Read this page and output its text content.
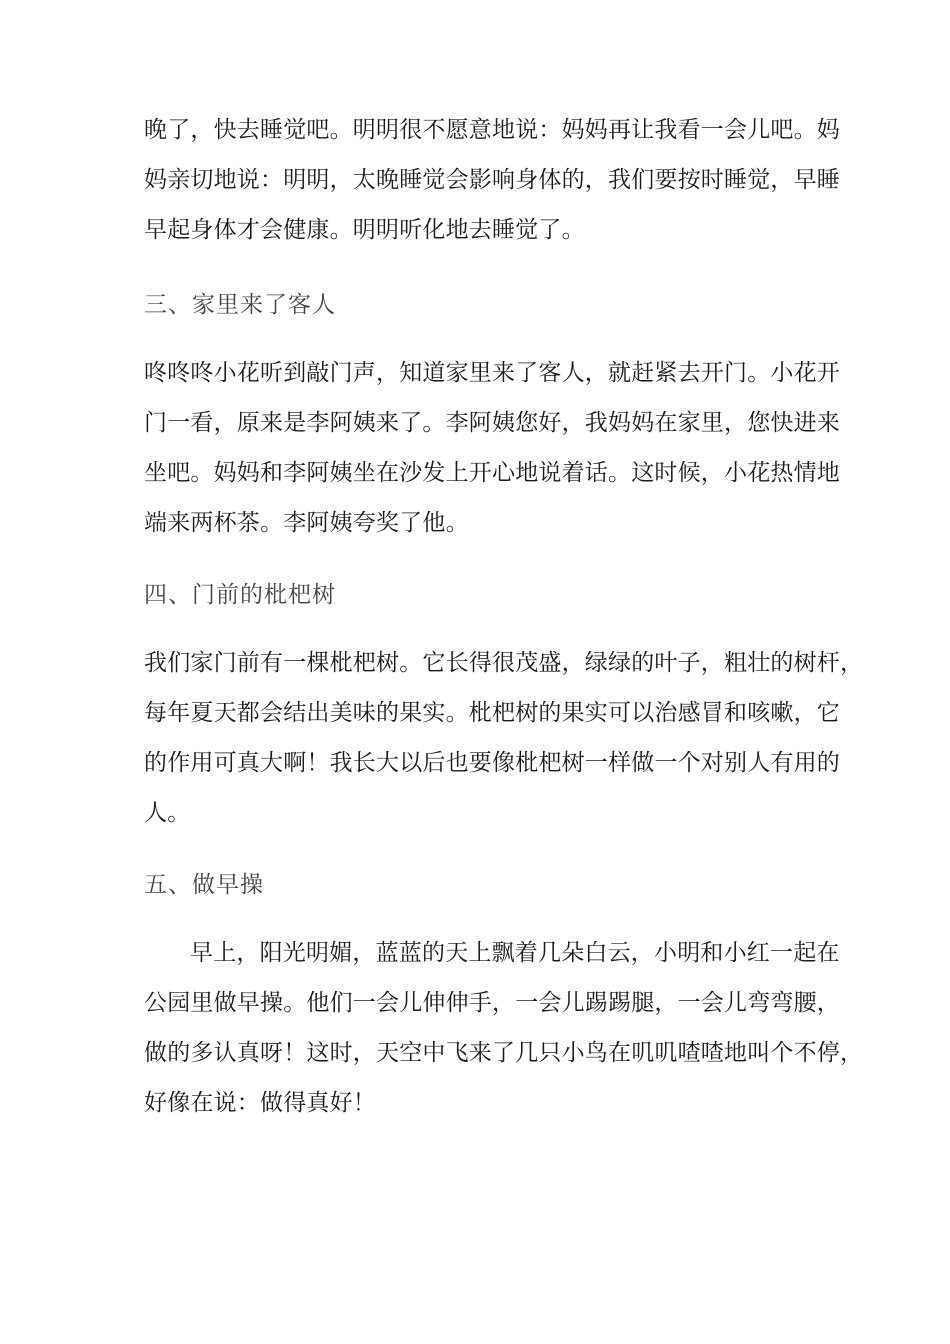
晚了，快去睡觉吧。明明很不愿意地说：妈妈再让我看一会儿吧。妈
妈亲切地说：明明，太晚睡觉会影响身体的，我们要按时睡觉，早睡
早起身体才会健康。明明听化地去睡觉了。
三、家里来了客人
咚咚咚小花听到敲门声，知道家里来了客人，就赶紧去开门。小花开
门一看，原来是李阿姨来了。李阿姨您好，我妈妈在家里，您快进来
坐吧。妈妈和李阿姨坐在沙发上开心地说着话。这时候，小花热情地
端来两杯茶。李阿姨夸奖了他。
四、门前的枇杷树
我们家门前有一棵枇杷树。它长得很茂盛，绿绿的叶子，粗壮的树杆，
每年夏天都会结出美味的果实。枇杷树的果实可以治感冒和咳嗽，它
的作用可真大啊！我长大以后也要像枇杷树一样做一个对别人有用的
人。
五、做早操
早上，阳光明媚，蓝蓝的天上飘着几朵白云，小明和小红一起在
公园里做早操。他们一会儿伸伸手，一会儿踢踢腿，一会儿弯弯腰，
做的多认真呀！这时，天空中飞来了几只小鸟在叽叽喳喳地叫个不停，
好像在说：做得真好！
